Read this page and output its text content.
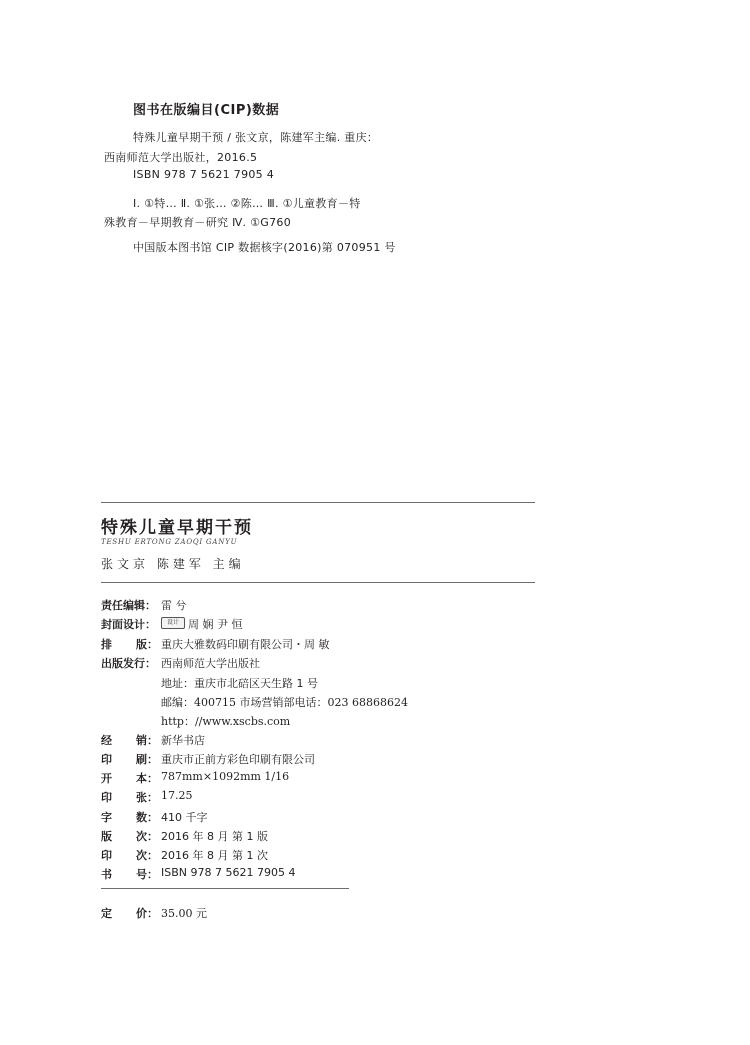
图书在版编目(CIP)数据
特殊儿童早期干预 / 张文京，陈建军主编. 重庆：
西南师范大学出版社，2016.5
ISBN 978 7 5621 7905 4
Ⅰ. ①特… Ⅱ. ①张… ②陈… Ⅲ. ①儿童教育－特
殊教育－早期教育－研究 Ⅳ. ①G760
中国版本图书馆 CIP 数据核字(2016)第 070951 号
特殊儿童早期干预
TESHU ERTONG ZAOQI GANYU
张文京 陈建军 主编
责任编辑： 雷 兮
封面设计：	设计 周 娴 尹 恒
排 版： 重庆大雅数码印刷有限公司・周 敏
出版发行： 西南师范大学出版社
地址：重庆市北碚区天生路 1 号
邮编：400715 市场营销部电话：023 68868624
http：//www.xscbs.com
经 销： 新华书店
印 刷： 重庆市正前方彩色印刷有限公司
开 本： 787mm×1092mm 1/16
印 张： 17.25
字 数： 410 千字
版 次： 2016 年 8 月 第 1 版
印 次： 2016 年 8 月 第 1 次
书 号： ISBN 978 7 5621 7905 4
定 价： 35.00 元
